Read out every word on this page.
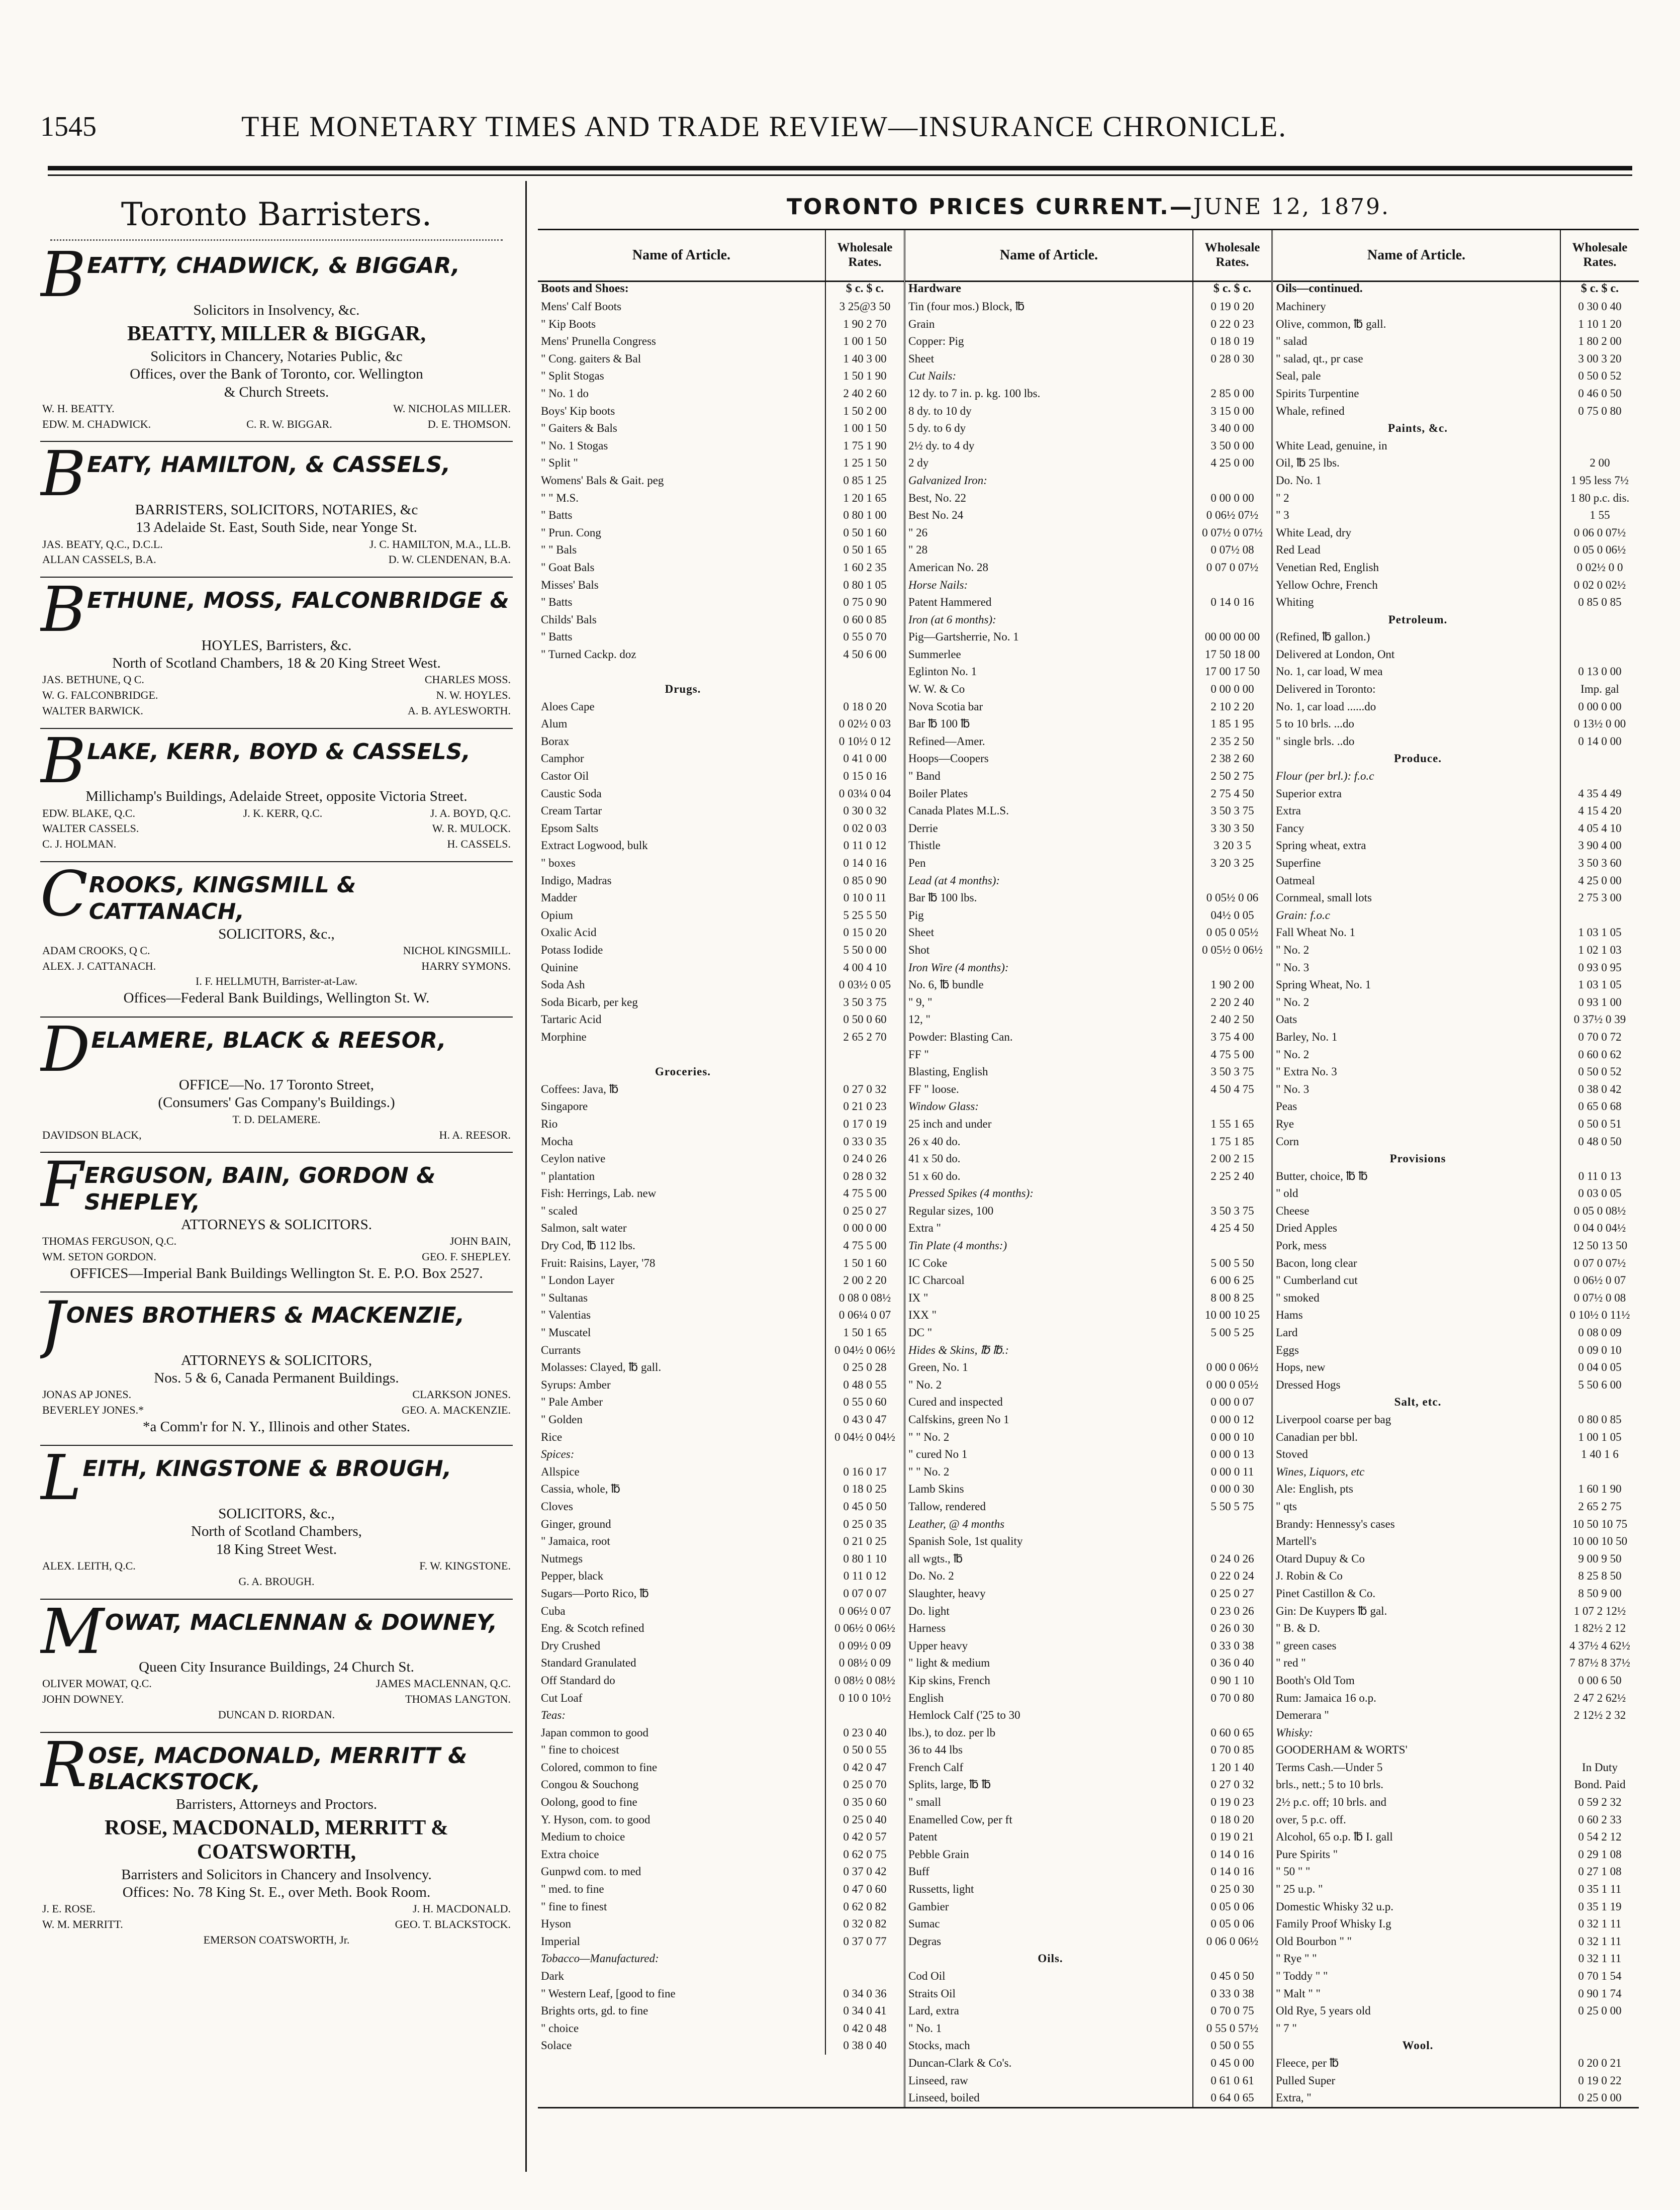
1545	THE MONETARY TIMES AND TRADE REVIEW—INSURANCE CHRONICLE.
Toronto Barristers.
B EATTY, CHADWICK, & BIGGAR,
Solicitors in Insolvency, &c.
BEATTY, MILLER & BIGGAR,
Solicitors in Chancery, Notaries Public, &c
Offices, over the Bank of Toronto, cor. Wellington
& Church Streets.
W. H. BEATTY.	W. NICHOLAS MILLER.
EDW. M. CHADWICK.	C. R. W. BIGGAR.	D. E. THOMSON.
B EATY, HAMILTON, & CASSELS,
BARRISTERS, SOLICITORS, NOTARIES, &c
13 Adelaide St. East, South Side, near Yonge St.
JAS. BEATY, Q.C., D.C.L.	J. C. HAMILTON, M.A., LL.B.
ALLAN CASSELS, B.A.	D. W. CLENDENAN, B.A.
B ETHUNE, MOSS, FALCONBRIDGE &
HOYLES, Barristers, &c.
North of Scotland Chambers, 18 & 20 King Street West.
JAS. BETHUNE, Q C.	CHARLES MOSS.
W. G. FALCONBRIDGE.	N. W. HOYLES.
WALTER BARWICK.	A. B. AYLESWORTH.
B LAKE, KERR, BOYD & CASSELS,
Millichamp's Buildings, Adelaide Street, opposite Victoria Street.
EDW. BLAKE, Q.C.	J. K. KERR, Q.C.	J. A. BOYD, Q.C.
WALTER CASSELS.	W. R. MULOCK.
C. J. HOLMAN.	H. CASSELS.
C ROOKS, KINGSMILL & CATTANACH,
SOLICITORS, &c.,
ADAM CROOKS, Q C.	NICHOL KINGSMILL.
ALEX. J. CATTANACH.	HARRY SYMONS.
I. F. HELLMUTH, Barrister-at-Law.
Offices—Federal Bank Buildings, Wellington St. W.
D ELAMERE, BLACK & REESOR,
OFFICE—No. 17 Toronto Street,
(Consumers' Gas Company's Buildings.)
T. D. DELAMERE.
DAVIDSON BLACK,	H. A. REESOR.
F ERGUSON, BAIN, GORDON & SHEPLEY,
ATTORNEYS & SOLICITORS.
THOMAS FERGUSON, Q.C.	JOHN BAIN,
WM. SETON GORDON.	GEO. F. SHEPLEY.
OFFICES—Imperial Bank Buildings Wellington St. E. P.O. Box 2527.
J ONES BROTHERS & MACKENZIE,
ATTORNEYS & SOLICITORS,
Nos. 5 & 6, Canada Permanent Buildings.
JONAS AP JONES.	CLARKSON JONES.
BEVERLEY JONES.*	GEO. A. MACKENZIE.
*a Comm'r for N. Y., Illinois and other States.
L EITH, KINGSTONE & BROUGH,
SOLICITORS, &c.,
North of Scotland Chambers,
18 King Street West.
ALEX. LEITH, Q.C.	F. W. KINGSTONE.
G. A. BROUGH.
M OWAT, MACLENNAN & DOWNEY,
Queen City Insurance Buildings, 24 Church St.
OLIVER MOWAT, Q.C.	JAMES MACLENNAN, Q.C.
JOHN DOWNEY.	THOMAS LANGTON.
DUNCAN D. RIORDAN.
R OSE, MACDONALD, MERRITT & BLACKSTOCK,
Barristers, Attorneys and Proctors.
ROSE, MACDONALD, MERRITT & COATSWORTH,
Barristers and Solicitors in Chancery and Insolvency.
Offices: No. 78 King St. E., over Meth. Book Room.
J. E. ROSE.	J. H. MACDONALD.
W. M. MERRITT.	GEO. T. BLACKSTOCK.
EMERSON COATSWORTH, Jr.
TORONTO PRICES CURRENT.—JUNE 12, 1879.
Name of Article.	Wholesale Rates.
Boots and Shoes:	$ c. $ c.
Mens' Calf Boots	3 25@3 50
" Kip Boots	1 90 2 70
Mens' Prunella Congress	1 00 1 50
" Cong. gaiters & Bal	1 40 3 00
" Split Stogas	1 50 1 90
" No. 1 do	2 40 2 60
Boys' Kip boots	1 50 2 00
" Gaiters & Bals	1 00 1 50
" No. 1 Stogas	1 75 1 90
" Split "	1 25 1 50
Womens' Bals & Gait. peg	0 85 1 25
" " M.S.	1 20 1 65
" Batts	0 80 1 00
" Prun. Cong	0 50 1 60
" " Bals	0 50 1 65
" Goat Bals	1 60 2 35
Misses' Bals	0 80 1 05
" Batts	0 75 0 90
Childs' Bals	0 60 0 85
" Batts	0 55 0 70
" Turned Cackp. doz	4 50 6 00
Drugs.
Aloes Cape	0 18 0 20
Alum	0 02½ 0 03
Borax	0 10½ 0 12
Camphor	0 41 0 00
Castor Oil	0 15 0 16
Caustic Soda	0 03¼ 0 04
Cream Tartar	0 30 0 32
Epsom Salts	0 02 0 03
Extract Logwood, bulk	0 11 0 12
" boxes	0 14 0 16
Indigo, Madras	0 85 0 90
Madder	0 10 0 11
Opium	5 25 5 50
Oxalic Acid	0 15 0 20
Potass Iodide	5 50 0 00
Quinine	4 00 4 10
Soda Ash	0 03½ 0 05
Soda Bicarb, per keg	3 50 3 75
Tartaric Acid	0 50 0 60
Morphine	2 65 2 70
Groceries.
Coffees: Java, ℔	0 27 0 32
Singapore	0 21 0 23
Rio	0 17 0 19
Mocha	0 33 0 35
Ceylon native	0 24 0 26
" plantation	0 28 0 32
Fish: Herrings, Lab. new	4 75 5 00
" scaled	0 25 0 27
Salmon, salt water	0 00 0 00
Dry Cod, ℔ 112 lbs.	4 75 5 00
Fruit: Raisins, Layer, '78	1 50 1 60
" London Layer	2 00 2 20
" Sultanas	0 08 0 08½
" Valentias	0 06¼ 0 07
" Muscatel	1 50 1 65
Currants	0 04½ 0 06½
Molasses: Clayed, ℔ gall.	0 25 0 28
Syrups: Amber	0 48 0 55
" Pale Amber	0 55 0 60
" Golden	0 43 0 47
Rice	0 04½ 0 04½
Spices:
Allspice	0 16 0 17
Cassia, whole, ℔	0 18 0 25
Cloves	0 45 0 50
Ginger, ground	0 25 0 35
" Jamaica, root	0 21 0 25
Nutmegs	0 80 1 10
Pepper, black	0 11 0 12
Sugars—Porto Rico, ℔	0 07 0 07
Cuba	0 06½ 0 07
Eng. & Scotch refined	0 06½ 0 06½
Dry Crushed	0 09½ 0 09
Standard Granulated	0 08½ 0 09
Off Standard do	0 08½ 0 08½
Cut Loaf	0 10 0 10½
Teas:
Japan common to good	0 23 0 40
" fine to choicest	0 50 0 55
Colored, common to fine	0 42 0 47
Congou & Souchong	0 25 0 70
Oolong, good to fine	0 35 0 60
Y. Hyson, com. to good	0 25 0 40
Medium to choice	0 42 0 57
Extra choice	0 62 0 75
Gunpwd com. to med	0 37 0 42
" med. to fine	0 47 0 60
" fine to finest	0 62 0 82
Hyson	0 32 0 82
Imperial	0 37 0 77
Tobacco—Manufactured:
Dark
" Western Leaf, [good to fine	0 34 0 36
Brights orts, gd. to fine	0 34 0 41
" choice	0 42 0 48
Solace	0 38 0 40
Name of Article.	Wholesale Rates.
Hardware	$ c. $ c.
Tin (four mos.) Block, ℔	0 19 0 20
Grain	0 22 0 23
Copper: Pig	0 18 0 19
Sheet	0 28 0 30
Cut Nails:
12 dy. to 7 in. p. kg. 100 lbs.	2 85 0 00
8 dy. to 10 dy	3 15 0 00
5 dy. to 6 dy	3 40 0 00
2½ dy. to 4 dy	3 50 0 00
2 dy	4 25 0 00
Galvanized Iron:
Best, No. 22	0 00 0 00
Best No. 24	0 06½ 07½
" 26	0 07½ 0 07½
" 28	0 07½ 08
American No. 28	0 07 0 07½
Horse Nails:
Patent Hammered	0 14 0 16
Iron (at 6 months):
Pig—Gartsherrie, No. 1	00 00 00 00
Summerlee	17 50 18 00
Eglinton No. 1	17 00 17 50
W. W. & Co	0 00 0 00
Nova Scotia bar	2 10 2 20
Bar ℔ 100 ℔	1 85 1 95
Refined—Amer.	2 35 2 50
Hoops—Coopers	2 38 2 60
" Band	2 50 2 75
Boiler Plates	2 75 4 50
Canada Plates M.L.S.	3 50 3 75
Derrie	3 30 3 50
Thistle	3 20 3 5
Pen	3 20 3 25
Lead (at 4 months):
Bar ℔ 100 lbs.	0 05½ 0 06
Pig	04½ 0 05
Sheet	0 05 0 05½
Shot	0 05½ 0 06½
Iron Wire (4 months):
No. 6, ℔ bundle	1 90 2 00
" 9, "	2 20 2 40
12, "	2 40 2 50
Powder: Blasting Can.	3 75 4 00
FF "	4 75 5 00
Blasting, English	3 50 3 75
FF " loose.	4 50 4 75
Window Glass:
25 inch and under	1 55 1 65
26 x 40 do.	1 75 1 85
41 x 50 do.	2 00 2 15
51 x 60 do.	2 25 2 40
Pressed Spikes (4 months):
Regular sizes, 100	3 50 3 75
Extra "	4 25 4 50
Tin Plate (4 months:)
IC Coke	5 00 5 50
IC Charcoal	6 00 6 25
IX "	8 00 8 25
IXX "	10 00 10 25
DC "	5 00 5 25
Hides & Skins, ℔ ℔.:
Green, No. 1	0 00 0 06½
" No. 2	0 00 0 05½
Cured and inspected	0 00 0 07
Calfskins, green No 1	0 00 0 12
" " No. 2	0 00 0 10
" cured No 1	0 00 0 13
" " No. 2	0 00 0 11
Lamb Skins	0 00 0 30
Tallow, rendered	5 50 5 75
Leather, @ 4 months
Spanish Sole, 1st quality
all wgts., ℔	0 24 0 26
Do. No. 2	0 22 0 24
Slaughter, heavy	0 25 0 27
Do. light	0 23 0 26
Harness	0 26 0 30
Upper heavy	0 33 0 38
" light & medium	0 36 0 40
Kip skins, French	0 90 1 10
English	0 70 0 80
Hemlock Calf ('25 to 30
lbs.), to doz. per lb	0 60 0 65
36 to 44 lbs	0 70 0 85
French Calf	1 20 1 40
Splits, large, ℔ ℔	0 27 0 32
" small	0 19 0 23
Enamelled Cow, per ft	0 18 0 20
Patent	0 19 0 21
Pebble Grain	0 14 0 16
Buff	0 14 0 16
Russetts, light	0 25 0 30
Gambier	0 05 0 06
Sumac	0 05 0 06
Degras	0 06 0 06½
Oils.
Cod Oil	0 45 0 50
Straits Oil	0 33 0 38
Lard, extra	0 70 0 75
" No. 1	0 55 0 57½
Stocks, mach	0 50 0 55
Duncan-Clark & Co's.	0 45 0 00
Linseed, raw	0 61 0 61
Linseed, boiled	0 64 0 65
Name of Article.	Wholesale Rates.
Oils—continued.	$ c. $ c.
Machinery	0 30 0 40
Olive, common, ℔ gall.	1 10 1 20
" salad	1 80 2 00
" salad, qt., pr case	3 00 3 20
Seal, pale	0 50 0 52
Spirits Turpentine	0 46 0 50
Whale, refined	0 75 0 80
Paints, &c.
White Lead, genuine, in
Oil, ℔ 25 lbs.	2 00
Do. No. 1	1 95 less 7½
" 2	1 80 p.c. dis.
" 3	1 55
White Lead, dry	0 06 0 07½
Red Lead	0 05 0 06½
Venetian Red, English	0 02½ 0 0
Yellow Ochre, French	0 02 0 02½
Whiting	0 85 0 85
Petroleum.
(Refined, ℔ gallon.)
Delivered at London, Ont
No. 1, car load, W mea	0 13 0 00
Delivered in Toronto:	Imp. gal
No. 1, car load ......do	0 00 0 00
5 to 10 brls. ...do	0 13½ 0 00
" single brls. ..do	0 14 0 00
Produce.
Flour (per brl.): f.o.c
Superior extra	4 35 4 49
Extra	4 15 4 20
Fancy	4 05 4 10
Spring wheat, extra	3 90 4 00
Superfine	3 50 3 60
Oatmeal	4 25 0 00
Cornmeal, small lots	2 75 3 00
Grain: f.o.c
Fall Wheat No. 1	1 03 1 05
" No. 2	1 02 1 03
" No. 3	0 93 0 95
Spring Wheat, No. 1	1 03 1 05
" No. 2	0 93 1 00
Oats	0 37½ 0 39
Barley, No. 1	0 70 0 72
" No. 2	0 60 0 62
" Extra No. 3	0 50 0 52
" No. 3	0 38 0 42
Peas	0 65 0 68
Rye	0 50 0 51
Corn	0 48 0 50
Provisions
Butter, choice, ℔ ℔	0 11 0 13
" old	0 03 0 05
Cheese	0 05 0 08½
Dried Apples	0 04 0 04½
Pork, mess	12 50 13 50
Bacon, long clear	0 07 0 07½
" Cumberland cut	0 06½ 0 07
" smoked	0 07½ 0 08
Hams	0 10½ 0 11½
Lard	0 08 0 09
Eggs	0 09 0 10
Hops, new	0 04 0 05
Dressed Hogs	5 50 6 00
Salt, etc.
Liverpool coarse per bag	0 80 0 85
Canadian per bbl.	1 00 1 05
Stoved	1 40 1 6
Wines, Liquors, etc
Ale: English, pts	1 60 1 90
" qts	2 65 2 75
Brandy: Hennessy's cases	10 50 10 75
Martell's	10 00 10 50
Otard Dupuy & Co	9 00 9 50
J. Robin & Co	8 25 8 50
Pinet Castillon & Co.	8 50 9 00
Gin: De Kuypers ℔ gal.	1 07 2 12½
" B. & D.	1 82½ 2 12
" green cases	4 37½ 4 62½
" red "	7 87½ 8 37½
Booth's Old Tom	0 00 6 50
Rum: Jamaica 16 o.p.	2 47 2 62½
Demerara "	2 12½ 2 32
Whisky:
GOODERHAM & WORTS'
Terms Cash.—Under 5	In Duty
brls., nett.; 5 to 10 brls.	Bond. Paid
2½ p.c. off; 10 brls. and	0 59 2 32
over, 5 p.c. off.	0 60 2 33
Alcohol, 65 o.p. ℔ I. gall	0 54 2 12
Pure Spirits "	0 29 1 08
" 50 " "	0 27 1 08
" 25 u.p. "	0 35 1 11
Domestic Whisky 32 u.p.	0 35 1 19
Family Proof Whisky I.g	0 32 1 11
Old Bourbon " "	0 32 1 11
" Rye " "	0 32 1 11
" Toddy " "	0 70 1 54
" Malt " "	0 90 1 74
Old Rye, 5 years old	0 25 0 00
" 7 "
Wool.
Fleece, per ℔	0 20 0 21
Pulled Super	0 19 0 22
Extra, "	0 25 0 00
